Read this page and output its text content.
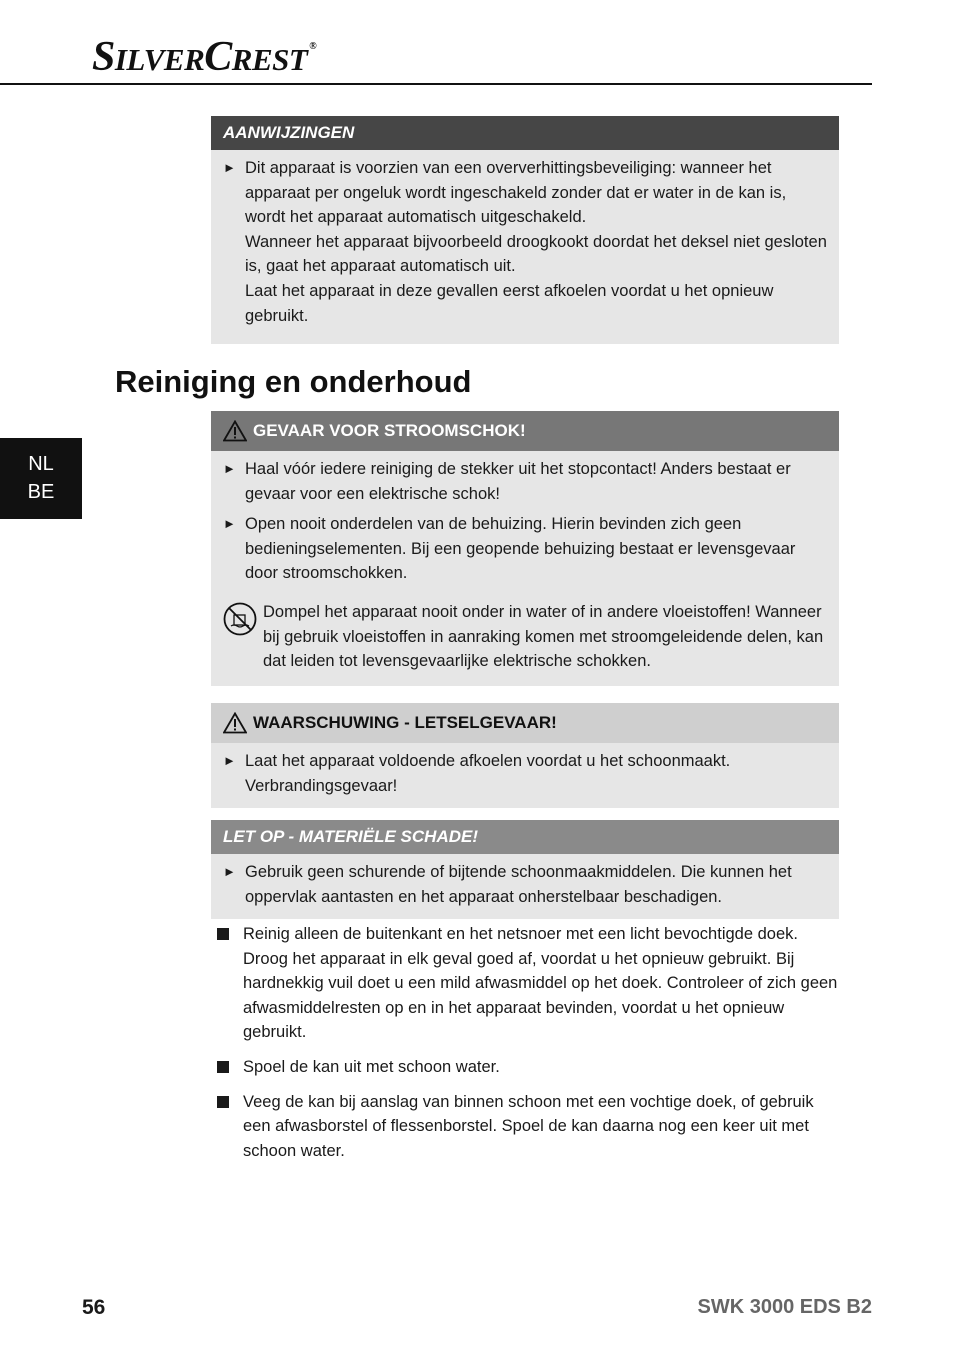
SILVERCREST ®
AANWIJZINGEN
► Dit apparaat is voorzien van een oververhittingsbeveiliging: wanneer het apparaat per ongeluk wordt ingeschakeld zonder dat er water in de kan is, wordt het apparaat automatisch uitgeschakeld.

Wanneer het apparaat bijvoorbeeld droogkookt doordat het deksel niet gesloten is, gaat het apparaat automatisch uit.

Laat het apparaat in deze gevallen eerst afkoelen voordat u het opnieuw gebruikt.

Reiniging en onderhoud
NL
BE
GEVAAR VOOR STROOMSCHOK!
► Haal vóór iedere reiniging de stekker uit het stopcontact! Anders bestaat er gevaar voor een elektrische schok!

► Open nooit onderdelen van de behuizing. Hierin bevinden zich geen bedieningselementen. Bij een geopende behuizing bestaat er levensgevaar door stroomschokken.

Dompel het apparaat nooit onder in water of in andere vloeistoffen! Wanneer bij gebruik vloeistoffen in aanraking komen met stroomgeleidende delen, kan dat leiden tot levensgevaarlijke elektrische schokken.

WAARSCHUWING - LETSELGEVAAR!
► Laat het apparaat voldoende afkoelen voordat u het schoonmaakt. Verbrandingsgevaar!

LET OP - MATERIËLE SCHADE!
► Gebruik geen schurende of bijtende schoonmaakmiddelen. Die kunnen het oppervlak aantasten en het apparaat onherstelbaar beschadigen.

Reinig alleen de buitenkant en het netsnoer met een licht bevochtigde doek. Droog het apparaat in elk geval goed af, voordat u het opnieuw gebruikt. Bij hardnekkig vuil doet u een mild afwasmiddel op het doek. Controleer of zich geen afwasmiddelresten op en in het apparaat bevinden, voordat u het opnieuw gebruikt.

Spoel de kan uit met schoon water.

Veeg de kan bij aanslag van binnen schoon met een vochtige doek, of gebruik een afwasborstel of flessenborstel. Spoel de kan daarna nog een keer uit met schoon water.

56	SWK 3000 EDS B2
